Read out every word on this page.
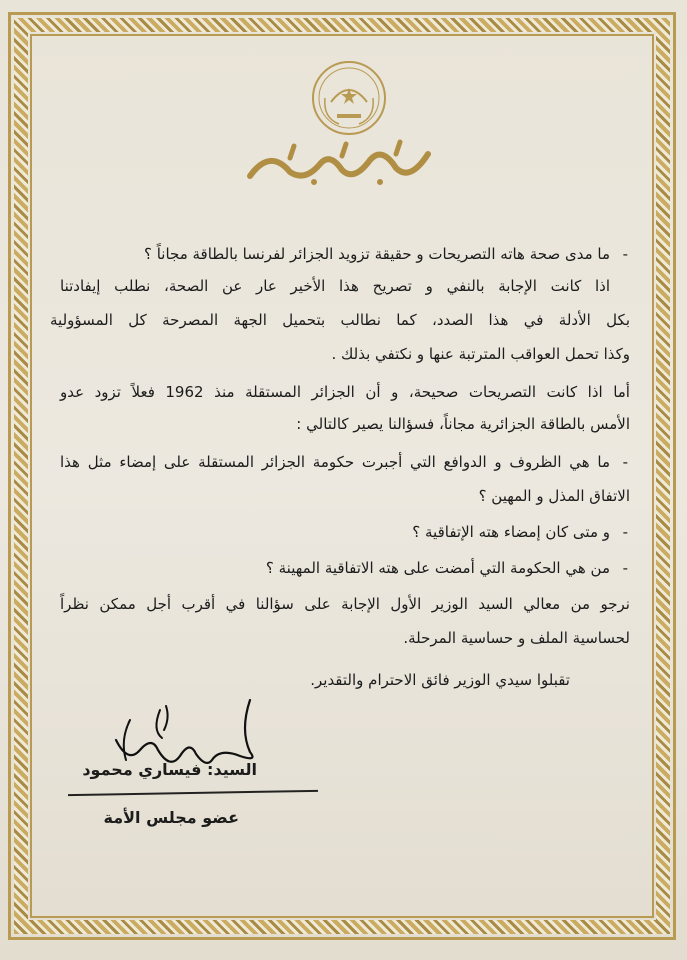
- ما مدى صحة هاته التصريحات و حقيقة تزويد الجزائر لفرنسا بالطاقة مجاناً ؟
اذا كانت الإجابة بالنفي و تصريح هذا الأخير عار عن الصحة، نطلب إيفادتنا
بكل الأدلة في هذا الصدد، كما نطالب بتحميل الجهة المصرحة كل المسؤولية
وكذا تحمل العواقب المترتبة عنها و نكتفي بذلك .
أما اذا كانت التصريحات صحيحة، و أن الجزائر المستقلة منذ 1962 فعلاً تزود عدو
الأمس بالطاقة الجزائرية مجاناً، فسؤالنا يصير كالتالي :
- ما هي الظروف و الدوافع التي أجبرت حكومة الجزائر المستقلة على إمضاء مثل هذا
الاتفاق المذل و المهين ؟
- و متى كان إمضاء هته الإتفاقية ؟
- من هي الحكومة التي أمضت على هته الاتفاقية المهينة ؟
نرجو من معالي السيد الوزير الأول الإجابة على سؤالنا في أقرب أجل ممكن نظراً
لحساسية الملف و حساسية المرحلة.
تقبلوا سيدي الوزير فائق الاحترام والتقدير.
السيد: فيساري محمود
عضو مجلس الأمة
